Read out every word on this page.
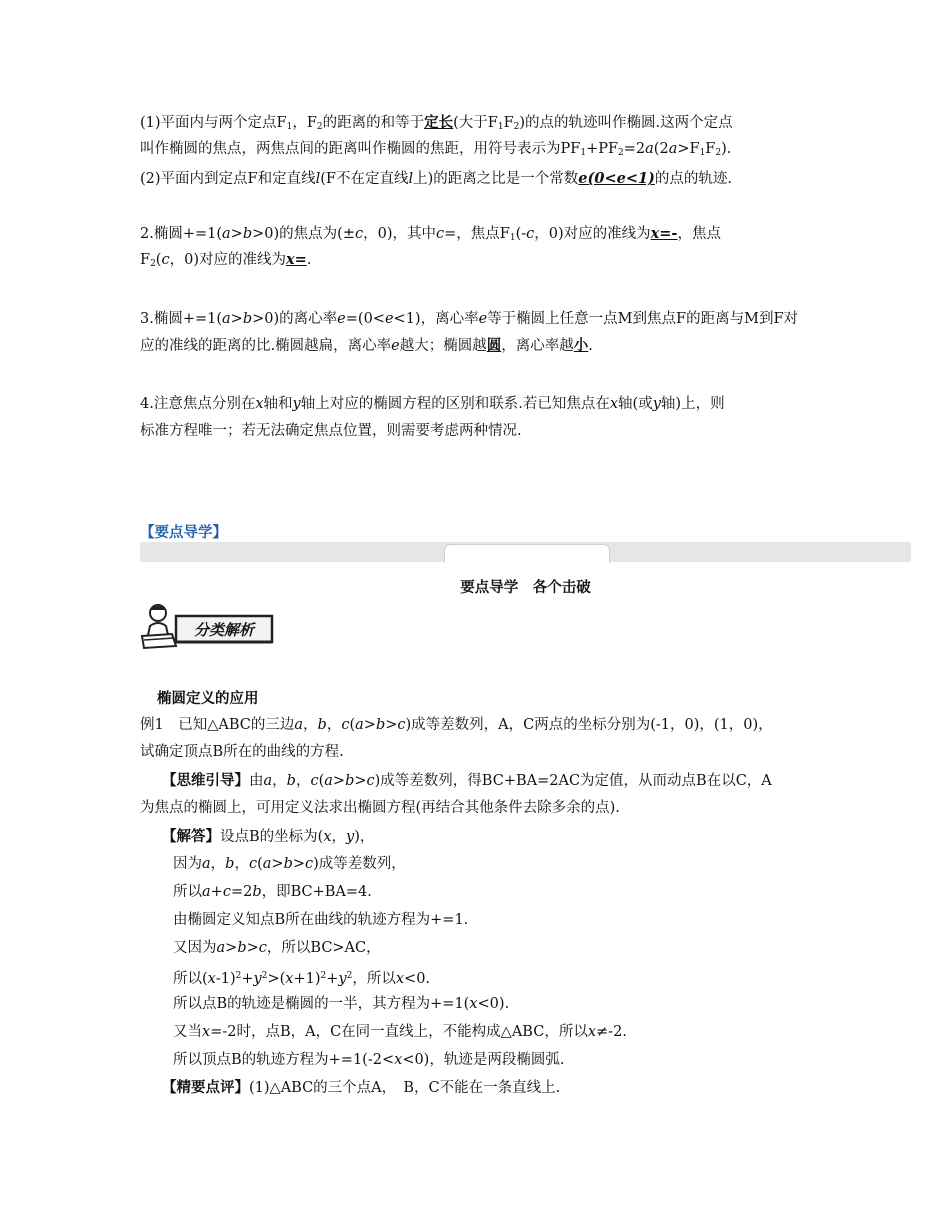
(1)平面内与两个定点$F_1$，$F_2$的距离的和等于定长(大于$F_1F_2$)的点的轨迹叫作椭圆.这两个定点
叫作椭圆的焦点，两焦点间的距离叫作椭圆的焦距，用符号表示为$PF_1+PF_2=2a(2a>F_1F_2)$.
(2)平面内到定点F和定直线l(F不在定直线l上)的距离之比是一个常数e(0<e<1)的点的轨迹.
2.椭圆+=1(a>b>0)的焦点为(±c，0)，其中c=，焦点$F_1(-c$，0)对应的准线为x=-，焦点
$F_2(c$，0)对应的准线为x=.
3.椭圆+=1(a>b>0)的离心率e=(0<e<1)，离心率e等于椭圆上任意一点M到焦点F的距离与M到F对
应的准线的距离的比.椭圆越扁，离心率e越大；椭圆越圆，离心率越小.
4.注意焦点分别在x轴和y轴上对应的椭圆方程的区别和联系.若已知焦点在x轴(或y轴)上，则
标准方程唯一；若无法确定焦点位置，则需要考虑两种情况.
【要点导学】
要点导学　各个击破
分类解析
椭圆定义的应用
例1　已知△ABC的三边a，b，c(a>b>c)成等差数列，A，C两点的坐标分别为(-1，0)，(1，0)，
试确定顶点B所在的曲线的方程.
【思维引导】由a，b，c(a>b>c)成等差数列，得BC+BA=2AC为定值，从而动点B在以C，A
为焦点的椭圆上，可用定义法求出椭圆方程(再结合其他条件去除多余的点).
【解答】设点B的坐标为(x，y)，
因为a，b，c(a>b>c)成等差数列，
所以a+c=2b，即BC+BA=4.
由椭圆定义知点B所在曲线的轨迹方程为+=1.
又因为a>b>c，所以BC>AC，
所以$(x-1)^2+y^2>(x+1)^2+y^2$，所以x<0.
所以点B的轨迹是椭圆的一半，其方程为+=1(x<0).
又当x=-2时，点B，A，C在同一直线上，不能构成△ABC，所以x≠-2.
所以顶点B的轨迹方程为+=1(-2<x<0)，轨迹是两段椭圆弧.
【精要点评】(1)△ABC的三个点A，　B，C不能在一条直线上.
